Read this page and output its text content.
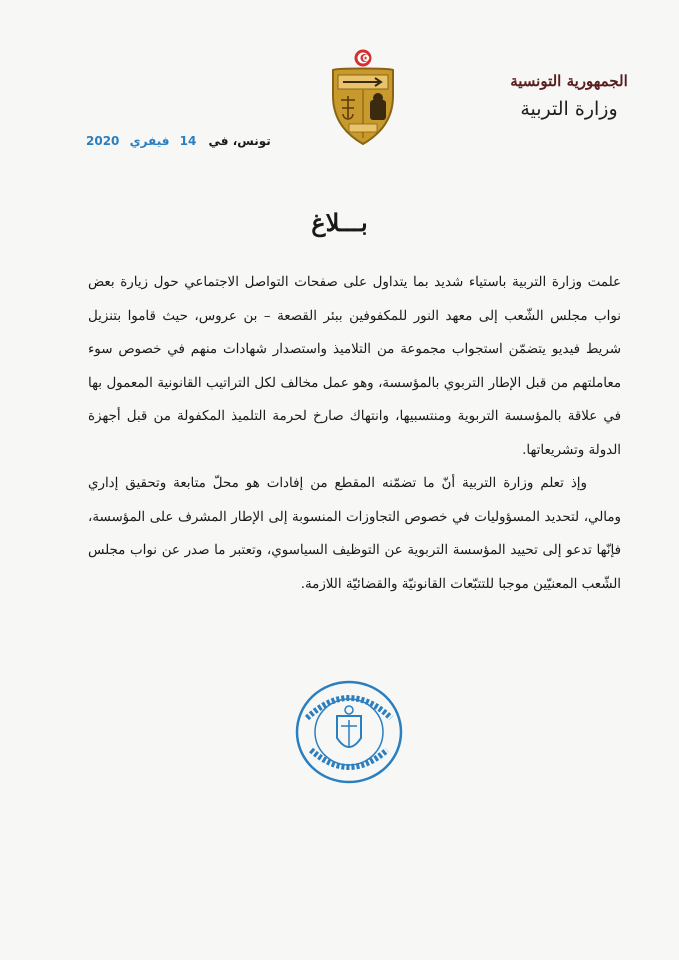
الجمهورية التونسية
وزارة التربية
تونس، في 14 فيفري 2020
بـــلاغ

علمت وزارة التربية باستياء شديد بما يتداول على صفحات التواصل الاجتماعي حول زيارة بعض نواب مجلس الشّعب إلى معهد النور للمكفوفين ببئر القصعة – بن عروس، حيث قاموا بتنزيل شريط فيديو يتضمّن استجواب مجموعة من التلاميذ واستصدار شهادات منهم في خصوص سوء معاملتهم من قبل الإطار التربوي بالمؤسسة، وهو عمل مخالف لكل التراتيب القانونية المعمول بها في علاقة بالمؤسسة التربوية ومنتسبيها، وانتهاك صارخ لحرمة التلميذ المكفولة من قبل أجهزة الدولة وتشريعاتها.

وإذ تعلم وزارة التربية أنّ ما تضمّنه المقطع من إفادات هو محلّ متابعة وتحقيق إداري ومالي، لتحديد المسؤوليات في خصوص التجاوزات المنسوبة إلى الإطار المشرف على المؤسسة، فإنّها تدعو إلى تحييد المؤسسة التربوية عن التوظيف السياسوي، وتعتبر ما صدر عن نواب مجلس الشّعب المعنيّين موجبا للتتبّعات القانونيّة والقضائيّة اللازمة.
